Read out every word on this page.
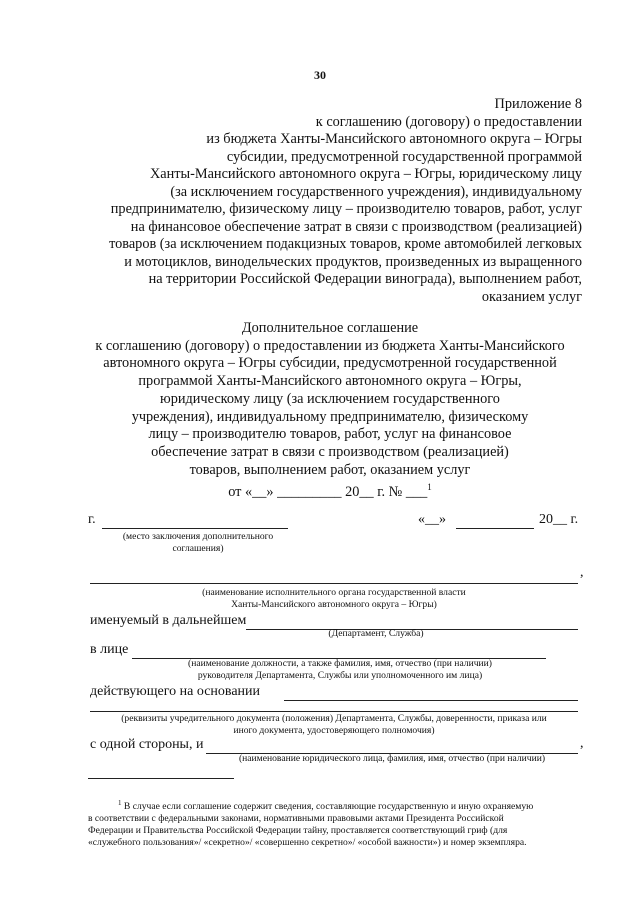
30
Приложение 8
к соглашению (договору) о предоставлении
из бюджета Ханты-Мансийского автономного округа – Югры
субсидии, предусмотренной государственной программой
Ханты-Мансийского автономного округа – Югры, юридическому лицу
(за исключением государственного учреждения), индивидуальному
предпринимателю, физическому лицу – производителю товаров, работ, услуг
на финансовое обеспечение затрат в связи с производством (реализацией)
товаров (за исключением подакцизных товаров, кроме автомобилей легковых
и мотоциклов, винодельческих продуктов, произведенных из выращенного
на территории Российской Федерации винограда), выполнением работ,
оказанием услуг
Дополнительное соглашение
к соглашению (договору) о предоставлении из бюджета Ханты-Мансийского
автономного округа – Югры субсидии, предусмотренной государственной
программой Ханты-Мансийского автономного округа – Югры,
юридическому лицу (за исключением государственного
учреждения), индивидуальному предпринимателю, физическому
лицу – производителю товаров, работ, услуг на финансовое
обеспечение затрат в связи с производством (реализацией)
товаров, выполнением работ, оказанием услуг
от «__» _________ 20__ г. № ___$^1$
г.
(место заключения дополнительного
соглашения)
«__»	20__ г.
,
(наименование исполнительного органа государственной власти
Ханты-Мансийского автономного округа – Югры)
именуемый в дальнейшем
(Департамент, Служба)
в лице
(наименование должности, а также фамилия, имя, отчество (при наличии)
руководителя Департамента, Службы или уполномоченного им лица)
действующего на основании
(реквизиты учредительного документа (положения) Департамента, Службы, доверенности, приказа или
иного документа, удостоверяющего полномочия)
с одной стороны, и	,
(наименование юридического лица, фамилия, имя, отчество (при наличии)
$^1$ В случае если соглашение содержит сведения, составляющие государственную и иную охраняемую
в соответствии с федеральными законами, нормативными правовыми актами Президента Российской
Федерации и Правительства Российской Федерации тайну, проставляется соответствующий гриф (для
«служебного пользования»/ «секретно»/ «совершенно секретно»/ «особой важности») и номер экземпляра.
